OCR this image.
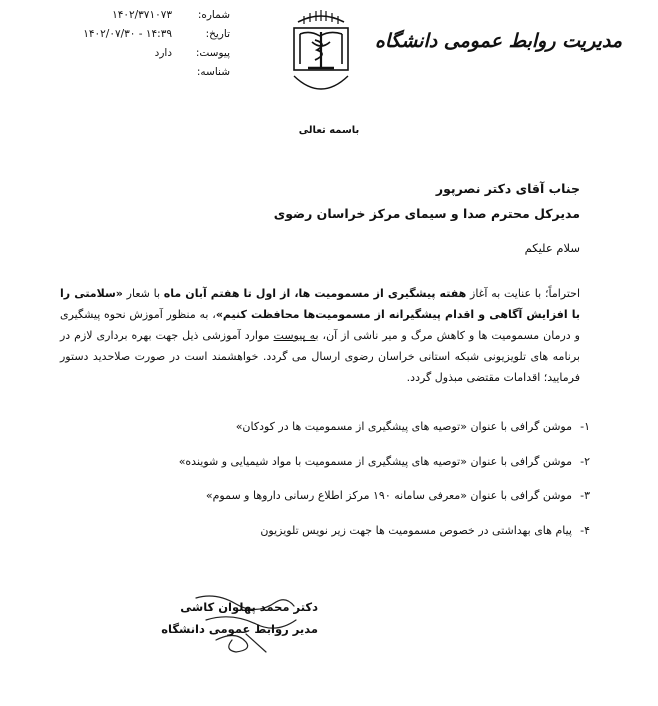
شماره:
۱۴۰۲/۳۷۱۰۷۳
تاریخ:
۱۴۰۲/۰۷/۳۰ - ۱۴:۳۹
پیوست:
دارد
شناسه:
مدیریت روابط عمومی دانشگاه
باسمه تعالی
جناب آقای دکتر نصرپور
مدیرکل محترم صدا و سیمای مرکز خراسان رضوی
سلام علیکم
احتراماً؛ با عنایت به آغاز هفته پیشگیری از مسمومیت ها، از اول تا هفتم آبان ماه با شعار «سلامتی را با افزایش آگاهی و اقدام پیشگیرانه از مسمومیت‌ها محافظت کنیم»، به منظور آموزش نحوه پیشگیری و درمان مسمومیت ها و کاهش مرگ و میر ناشی از آن، به پیوست موارد آموزشی ذیل جهت بهره برداری لازم در برنامه های تلویزیونی شبکه استانی خراسان رضوی ارسال می گردد. خواهشمند است در صورت صلاحدید دستور فرمایید؛ اقدامات مقتضی مبذول گردد.
۱-
موشن گرافی با عنوان «توصیه های پیشگیری از مسمومیت ها در کودکان»
۲-
موشن گرافی با عنوان «توصیه های پیشگیری از مسمومیت با مواد شیمیایی و شوینده»
۳-
موشن گرافی با عنوان «معرفی سامانه ۱۹۰ مرکز اطلاع رسانی داروها و سموم»
۴-
پیام های بهداشتی در خصوص مسمومیت ها جهت زیر نویس تلویزیون
دکتر محمد پهلوان کاشی
مدیر روابط عمومی دانشگاه
